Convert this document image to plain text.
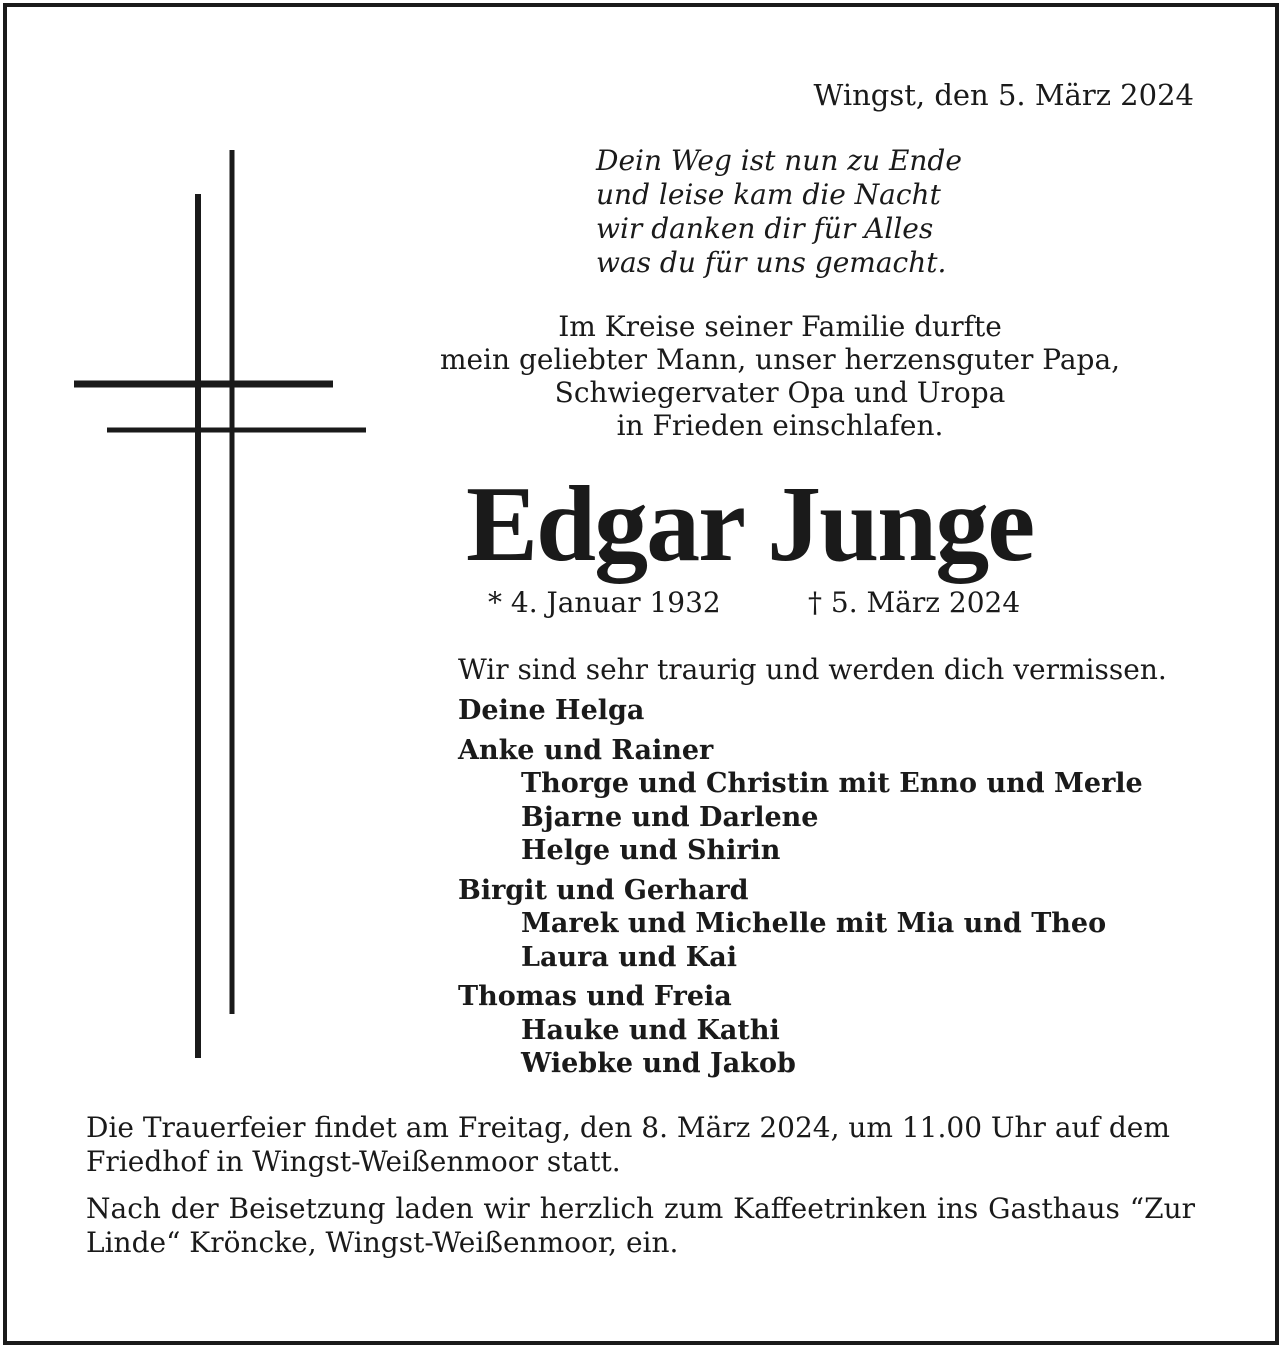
Wingst, den 5. März 2024
Dein Weg ist nun zu Ende
und leise kam die Nacht
wir danken dir für Alles
was du für uns gemacht.
Im Kreise seiner Familie durfte
mein geliebter Mann, unser herzensguter Papa,
Schwiegervater Opa und Uropa
in Frieden einschlafen.
Edgar Junge
* 4. Januar 1932	† 5. März 2024
Wir sind sehr traurig und werden dich vermissen.
Deine Helga
Anke und Rainer
Thorge und Christin mit Enno und Merle
Bjarne und Darlene
Helge und Shirin
Birgit und Gerhard
Marek und Michelle mit Mia und Theo
Laura und Kai
Thomas und Freia
Hauke und Kathi
Wiebke und Jakob
Die Trauerfeier findet am Freitag, den 8. März 2024, um 11.00 Uhr auf dem Friedhof in Wingst-Weißenmoor statt.
Nach der Beisetzung laden wir herzlich zum Kaffeetrinken ins Gasthaus “Zur Linde“ Kröncke, Wingst-Weißenmoor, ein.
